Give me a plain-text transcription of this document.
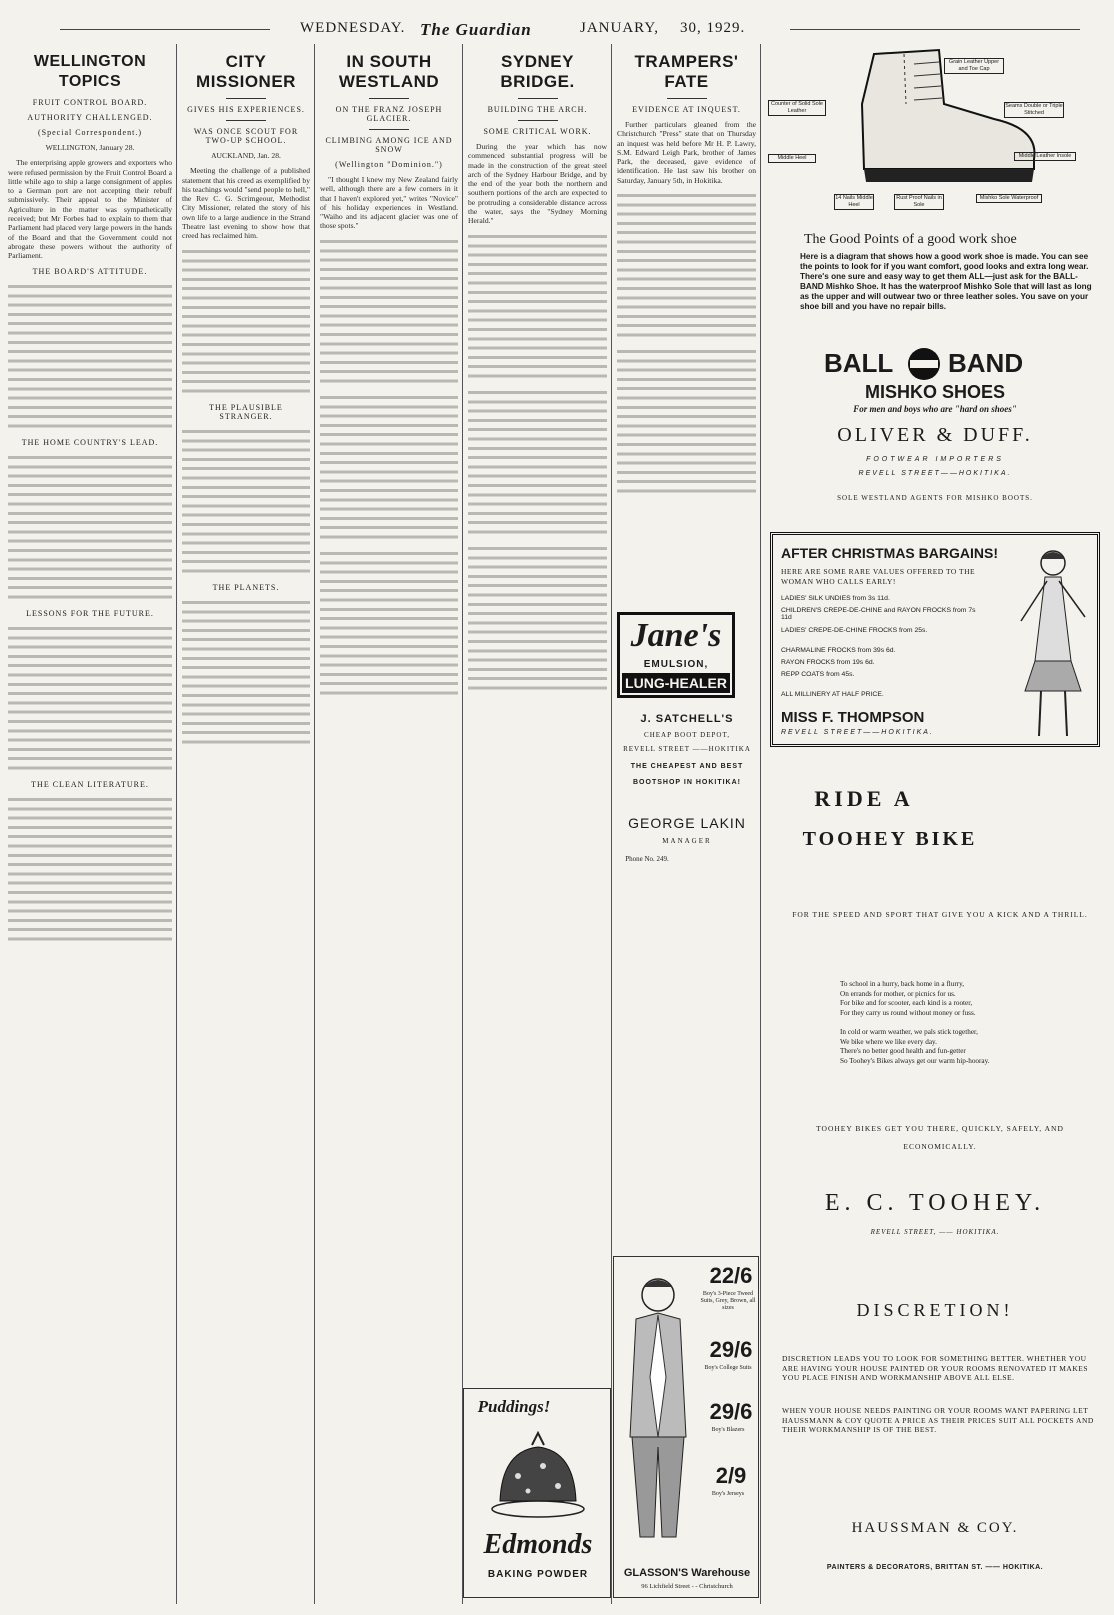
WEDNESDAY. The Guardian	JANUARY, 30, 1929.
WELLINGTON TOPICS
FRUIT CONTROL BOARD.
AUTHORITY CHALLENGED.
(Special Correspondent.)
WELLINGTON, January 28.
The enterprising apple growers and exporters who were refused permission by the Fruit Control Board a little while ago to ship a large consignment of apples to a German port are not accepting their rebuff submissively. Their appeal to the Minister of Agriculture in the matter was sympathetically received; but Mr Forbes had to explain to them that Parliament had placed very large powers in the hands of the Board and that the Government could not abrogate these powers without the authority of Parliament.
THE BOARD'S ATTITUDE.
THE HOME COUNTRY'S LEAD.
LESSONS FOR THE FUTURE.
THE CLEAN LITERATURE.
CITY MISSIONER
GIVES HIS EXPERIENCES.
WAS ONCE SCOUT FOR TWO-UP SCHOOL.
AUCKLAND, Jan. 28.
Meeting the challenge of a published statement that his creed as exemplified by his teachings would "send people to hell," the Rev C. G. Scrimgeour, Methodist City Missioner, related the story of his own life to a large audience in the Strand Theatre last evening to show how that creed has reclaimed him.
THE PLAUSIBLE STRANGER.
THE PLANETS.
IN SOUTH WESTLAND
ON THE FRANZ JOSEPH GLACIER.
CLIMBING AMONG ICE AND SNOW
(Wellington "Dominion.")
"I thought I knew my New Zealand fairly well, although there are a few corners in it that I haven't explored yet," writes "Novice" of his holiday experiences in Westland. "Waiho and its adjacent glacier was one of those spots."
SYDNEY BRIDGE.
BUILDING THE ARCH.
SOME CRITICAL WORK.
During the year which has now commenced substantial progress will be made in the construction of the great steel arch of the Sydney Harbour Bridge, and by the end of the year both the northern and southern portions of the arch are expected to be protruding a considerable distance across the water, says the "Sydney Morning Herald."
TRAMPERS' FATE
EVIDENCE AT INQUEST.
Further particulars gleaned from the Christchurch "Press" state that on Thursday an inquest was held before Mr H. P. Lawry, S.M. Edward Leigh Park, brother of James Park, the deceased, gave evidence of identification. He last saw his brother on Saturday, January 5th, in Hokitika.
Jane's
EMULSION,
LUNG-HEALER
J. SATCHELL'S
CHEAP BOOT DEPOT,
REVELL STREET ——HOKITIKA
THE CHEAPEST AND BEST
BOOTSHOP IN HOKITIKA!
GEORGE LAKIN
MANAGER
Phone No. 249.
Puddings!
Edmonds
BAKING POWDER
22/6
Boy's 3-Piece Tweed Suits, Grey, Brown, all sizes
29/6
Boy's College Suits
29/6
Boy's Blazers
2/9
Boy's Jerseys
GLASSON'S Warehouse
96 Lichfield Street - - Christchurch
Grain Leather Upper and Toe Cap
Counter of Solid Sole Leather
Seams Double or Triple Stitched
Middle Heel	Middle Leather Insole
14 Nails Middle Heel
Rust Proof Nails in Sole
Mishko Sole Waterproof
The Good Points of a good work shoe
Here is a diagram that shows how a good work shoe is made. You can see the points to look for if you want comfort, good looks and extra long wear. There's one sure and easy way to get them ALL—just ask for the BALL-BAND Mishko Shoe. It has the waterproof Mishko Sole that will last as long as the upper and will outwear two or three leather soles. You save on your shoe bill and you have no repair bills.
BALL BAND
MISHKO SHOES
For men and boys who are "hard on shoes"
OLIVER & DUFF.
FOOTWEAR IMPORTERS
REVELL STREET——HOKITIKA.
SOLE WESTLAND AGENTS FOR MISHKO BOOTS.
AFTER CHRISTMAS BARGAINS!
HERE ARE SOME RARE VALUES OFFERED TO THE WOMAN WHO CALLS EARLY!
LADIES' SILK UNDIES from 3s 11d.
CHILDREN'S CREPE-DE-CHINE and RAYON FROCKS from 7s 11d
LADIES' CREPE-DE-CHINE FROCKS from 25s.
CHARMALINE FROCKS from 39s 6d.
RAYON FROCKS from 19s 6d.
REPP COATS from 45s.
ALL MILLINERY AT HALF PRICE.
MISS F. THOMPSON
REVELL STREET——HOKITIKA.
RIDE A
TOOHEY BIKE
FOR THE SPEED AND SPORT THAT GIVE YOU A KICK AND A THRILL.
To school in a hurry, back home in a flurry,
On errands for mother, or picnics for us.
For bike and for scooter, each kind is a rooter,
For they carry us round without money or fuss.
In cold or warm weather, we pals stick together,
We bike where we like every day.
There's no better good health and fun-getter
So Toohey's Bikes always get our warm hip-hooray.
TOOHEY BIKES GET YOU THERE, QUICKLY, SAFELY, AND ECONOMICALLY.
E. C. TOOHEY.
REVELL STREET, —— HOKITIKA.
DISCRETION!
DISCRETION LEADS YOU TO LOOK FOR SOMETHING BETTER. WHETHER YOU ARE HAVING YOUR HOUSE PAINTED OR YOUR ROOMS RENOVATED IT MAKES YOU PLACE FINISH AND WORKMANSHIP ABOVE ALL ELSE.
WHEN YOUR HOUSE NEEDS PAINTING OR YOUR ROOMS WANT PAPERING LET HAUSSMANN & COY QUOTE A PRICE AS THEIR PRICES SUIT ALL POCKETS AND THEIR WORKMANSHIP IS OF THE BEST.
HAUSSMAN & COY.
PAINTERS & DECORATORS, BRITTAN ST. —— HOKITIKA.
